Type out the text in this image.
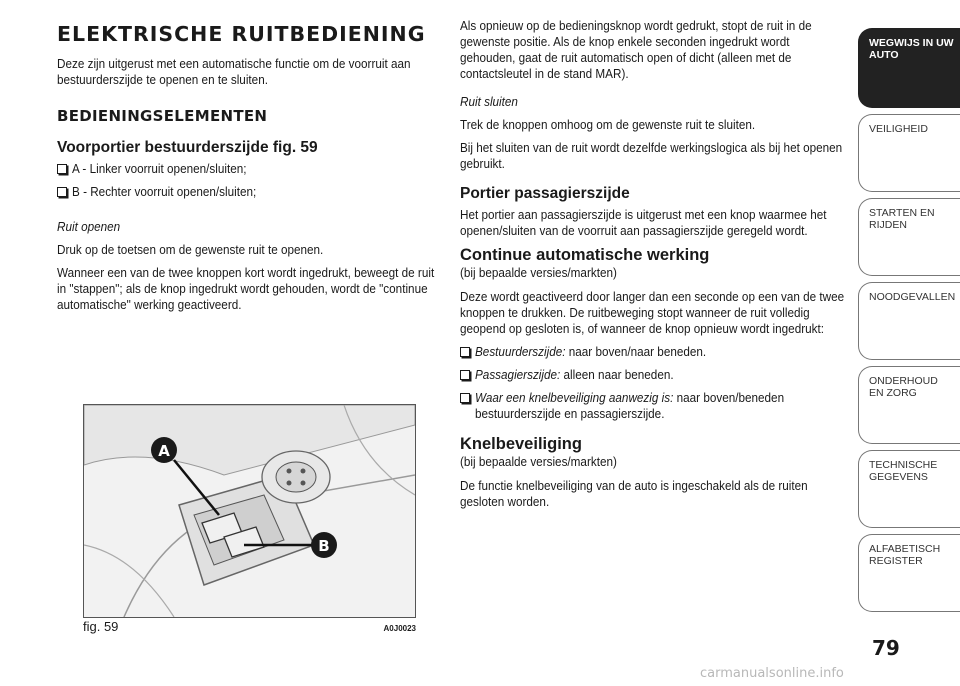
ELEKTRISCHE RUITBEDIENING

Deze zijn uitgerust met een automatische functie om de voorruit aan bestuurderszijde te openen en te sluiten.

BEDIENINGSELEMENTEN
Voorportier bestuurderszijde fig. 59

A - Linker voorruit openen/sluiten;

B - Rechter voorruit openen/sluiten;

Ruit openen

Druk op de toetsen om de gewenste ruit te openen.

Wanneer een van de twee knoppen kort wordt ingedrukt, beweegt de ruit in "stappen"; als de knop ingedrukt wordt gehouden, wordt de "continue automatische" werking geactiveerd.

A
B
fig. 59	A0J0023

Als opnieuw op de bedieningsknop wordt gedrukt, stopt de ruit in de gewenste positie. Als de knop enkele seconden ingedrukt wordt gehouden, gaat de ruit automatisch open of dicht (alleen met de contactsleutel in de stand MAR).

Ruit sluiten

Trek de knoppen omhoog om de gewenste ruit te sluiten.

Bij het sluiten van de ruit wordt dezelfde werkingslogica als bij het openen gebruikt.

Portier passagierszijde

Het portier aan passagierszijde is uitgerust met een knop waarmee het openen/sluiten van de voorruit aan passagierszijde geregeld wordt.

Continue automatische werking

(bij bepaalde versies/markten)

Deze wordt geactiveerd door langer dan een seconde op een van de twee knoppen te drukken. De ruitbeweging stopt wanneer de ruit volledig geopend op gesloten is, of wanneer de knop opnieuw wordt ingedrukt:

Bestuurderszijde: naar boven/naar beneden.

Passagierszijde: alleen naar beneden.

Waar een knelbeveiliging aanwezig is: naar boven/beneden bestuurderszijde en passagierszijde.

Knelbeveiliging

(bij bepaalde versies/markten)

De functie knelbeveiliging van de auto is ingeschakeld als de ruiten gesloten worden.

WEGWIJS IN UW AUTO
VEILIGHEID
STARTEN EN RIJDEN
NOODGEVALLEN
ONDERHOUD EN ZORG
TECHNISCHE GEGEVENS
ALFABETISCH REGISTER
79
carmanualsonline.info
